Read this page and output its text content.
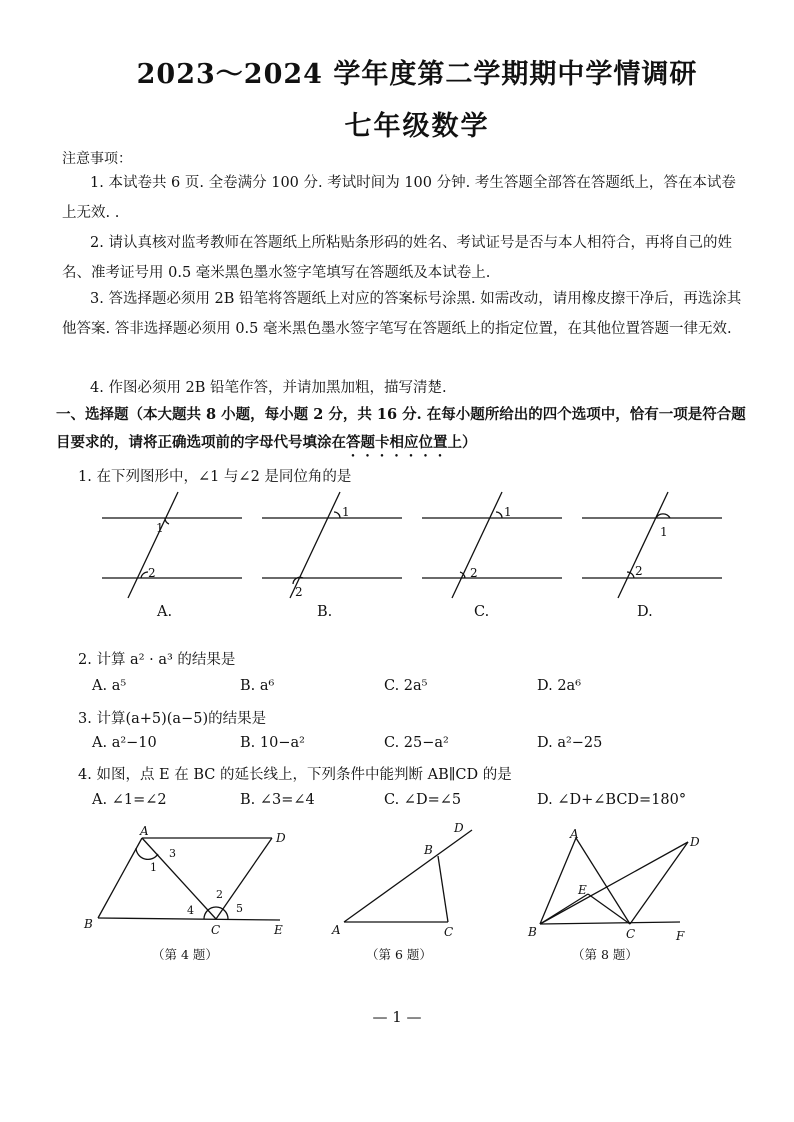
2023～2024 学年度第二学期期中学情调研
七年级数学
注意事项：
1. 本试卷共 6 页. 全卷满分 100 分. 考试时间为 100 分钟. 考生答题全部答在答题纸上，答在本试卷上无效. .
2. 请认真核对监考教师在答题纸上所粘贴条形码的姓名、考试证号是否与本人相符合，再将自己的姓名、准考证号用 0.5 毫米黑色墨水签字笔填写在答题纸及本试卷上.
3. 答选择题必须用 2B 铅笔将答题纸上对应的答案标号涂黑. 如需改动，请用橡皮擦干净后，再选涂其他答案. 答非选择题必须用 0.5 毫米黑色墨水签字笔写在答题纸上的指定位置，在其他位置答题一律无效.
4. 作图必须用 2B 铅笔作答，并请加黑加粗，描写清楚.
一、选择题（本大题共 8 小题，每小题 2 分，共 16 分. 在每小题所给出的四个选项中，恰有一项是符合题目要求的，请将正确选项前的字母代号填涂在答题卡相应位置上）
1. 在下列图形中，∠1 与∠2 是同位角的是
1
2
1
2
1
2
1
2
A.	B.	C.	D.
2. 计算 a² · a³ 的结果是
A. a⁵	B. a⁶	C. 2a⁵	D. 2a⁶
3. 计算(a+5)(a−5)的结果是
A. a²−10	B. 10−a²	C. 25−a²	D. a²−25
4. 如图，点 E 在 BC 的延长线上，下列条件中能判断 AB∥CD 的是
A. ∠1=∠2	B. ∠3=∠4	C. ∠D=∠5	D. ∠D+∠BCD=180°
A	D
B	C	E
1
3
2
4	5
D
B
A	C
A
D
E
B	C	F
（第 4 题）	（第 6 题）	（第 8 题）
— 1 —
